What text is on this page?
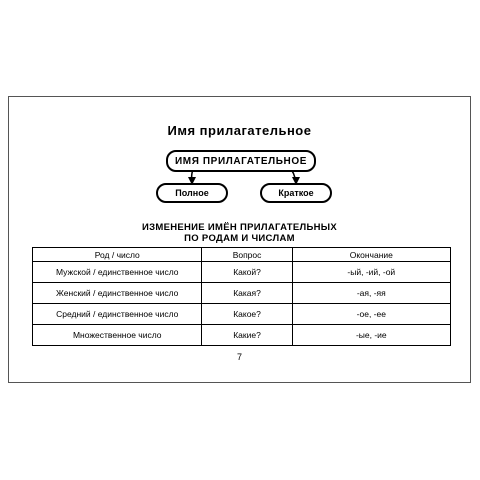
Имя прилагательное
ИМЯ ПРИЛАГАТЕЛЬНОЕ
Полное	Краткое
ИЗМЕНЕНИЕ ИМЁН ПРИЛАГАТЕЛЬНЫХ
ПО РОДАМ И ЧИСЛАМ
Род / число	Вопрос	Окончание
Мужской / единственное число	Какой?	-ый, -ий, -ой
Женский / единственное число	Какая?	-ая, -яя
Средний / единственное число	Какое?	-ое, -ее
Множественное число	Какие?	-ые, -ие
7
